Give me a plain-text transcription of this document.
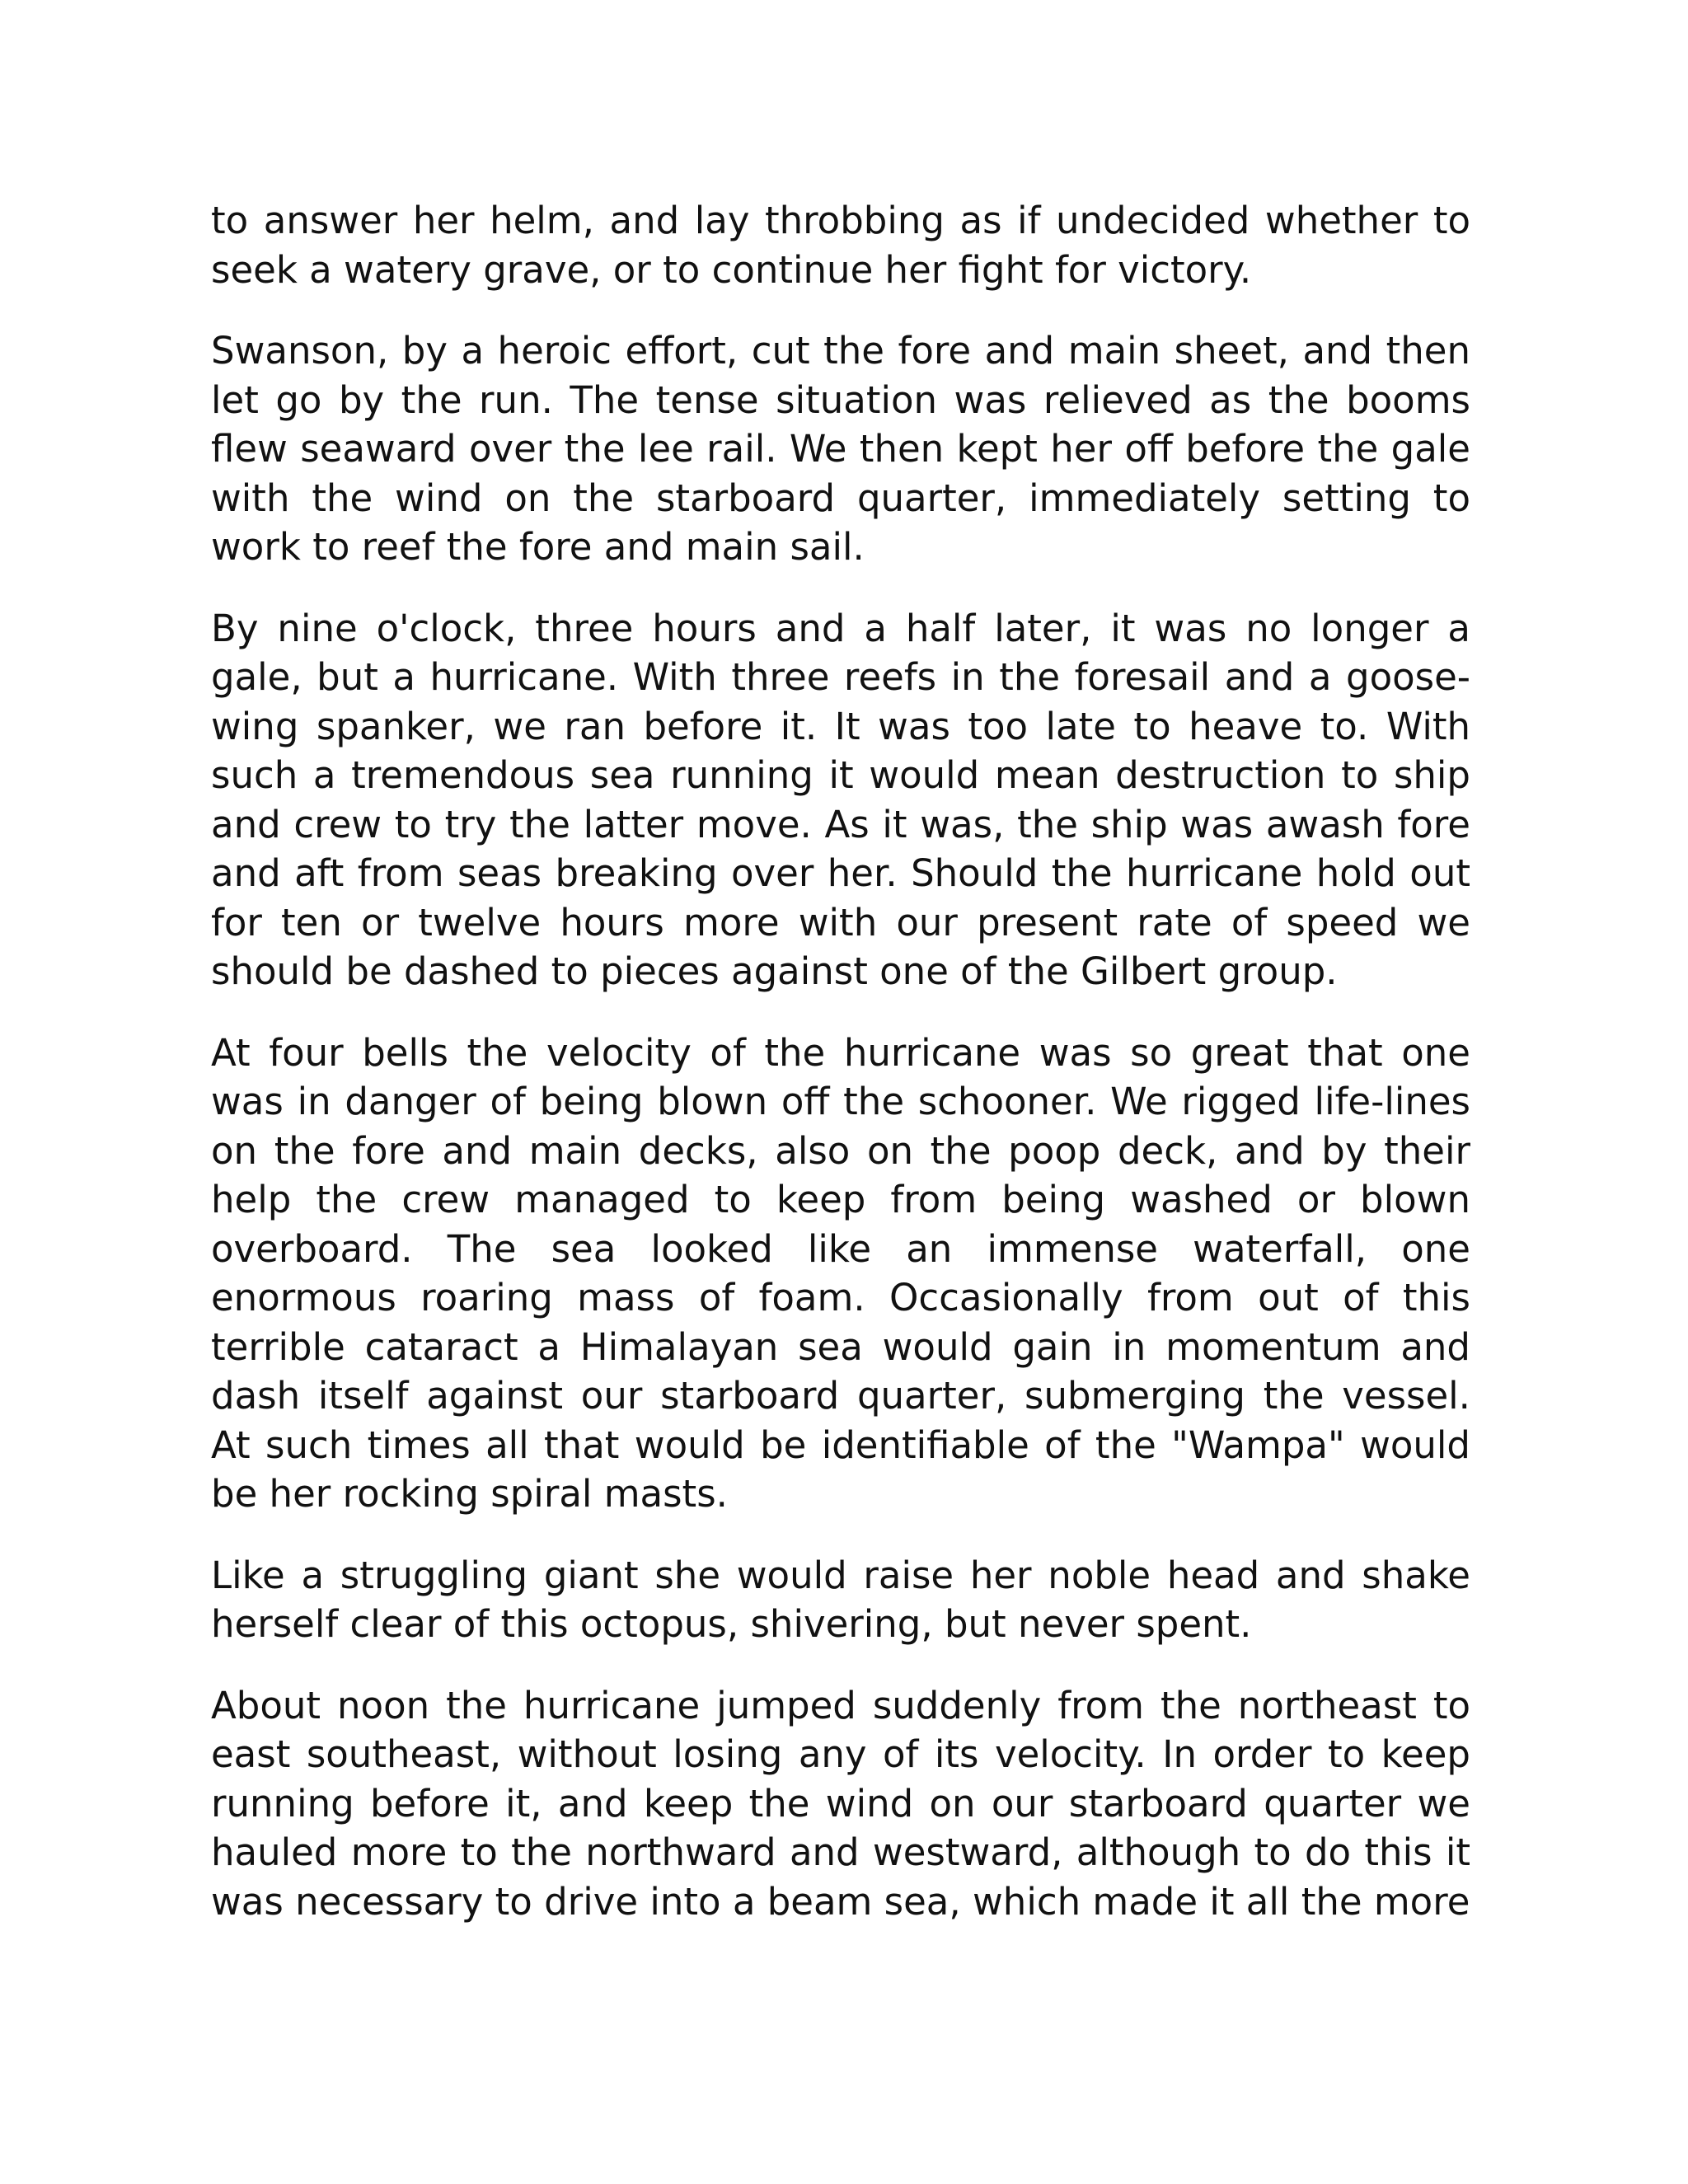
to answer her helm, and lay throbbing as if undecided whether to seek a watery grave, or to continue her fight for victory.

Swanson, by a heroic effort, cut the fore and main sheet, and then let go by the run. The tense situation was relieved as the booms flew seaward over the lee rail. We then kept her off before the gale with the wind on the starboard quarter, immediately setting to work to reef the fore and main sail.

By nine o'clock, three hours and a half later, it was no longer a gale, but a hurricane. With three reefs in the foresail and a goose-wing spanker, we ran before it. It was too late to heave to. With such a tremendous sea running it would mean destruction to ship and crew to try the latter move. As it was, the ship was awash fore and aft from seas breaking over her. Should the hurricane hold out for ten or twelve hours more with our present rate of speed we should be dashed to pieces against one of the Gilbert group.

At four bells the velocity of the hurricane was so great that one was in danger of being blown off the schooner. We rigged life-lines on the fore and main decks, also on the poop deck, and by their help the crew managed to keep from being washed or blown overboard. The sea looked like an immense waterfall, one enormous roaring mass of foam. Occasionally from out of this terrible cataract a Himalayan sea would gain in momentum and dash itself against our starboard quarter, submerging the vessel. At such times all that would be identifiable of the "Wampa" would be her rocking spiral masts.

Like a struggling giant she would raise her noble head and shake herself clear of this octopus, shivering, but never spent.

About noon the hurricane jumped suddenly from the northeast to east southeast, without losing any of its velocity. In order to keep running before it, and keep the wind on our starboard quarter we hauled more to the northward and westward, although to do this it was necessary to drive into a beam sea, which made it all the more
